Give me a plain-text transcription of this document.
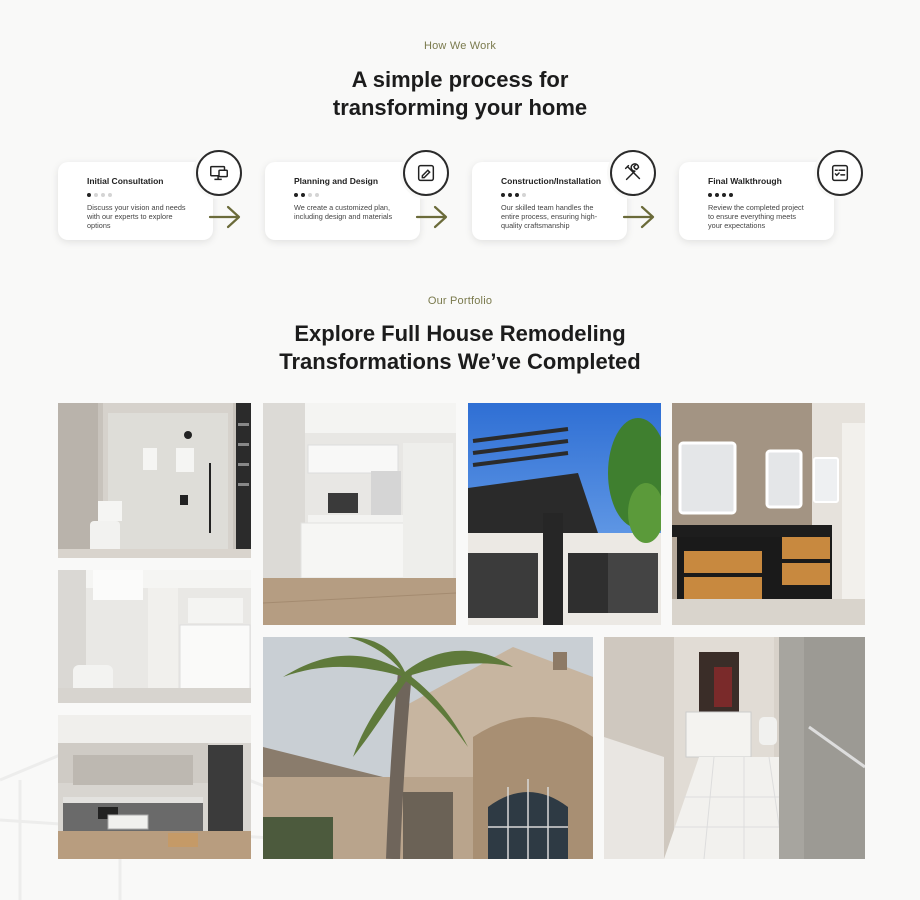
How We Work
A simple process for
transforming your home
Initial Consultation
Discuss your vision and needs with our experts to explore options
Planning and Design
We create a customized plan, including design and materials
Construction/Installation
Our skilled team handles the entire process, ensuring high-quality craftsmanship
Final Walkthrough
Review the completed project to ensure everything meets your expectations
Our Portfolio
Explore Full House Remodeling
Transformations We’ve Completed
